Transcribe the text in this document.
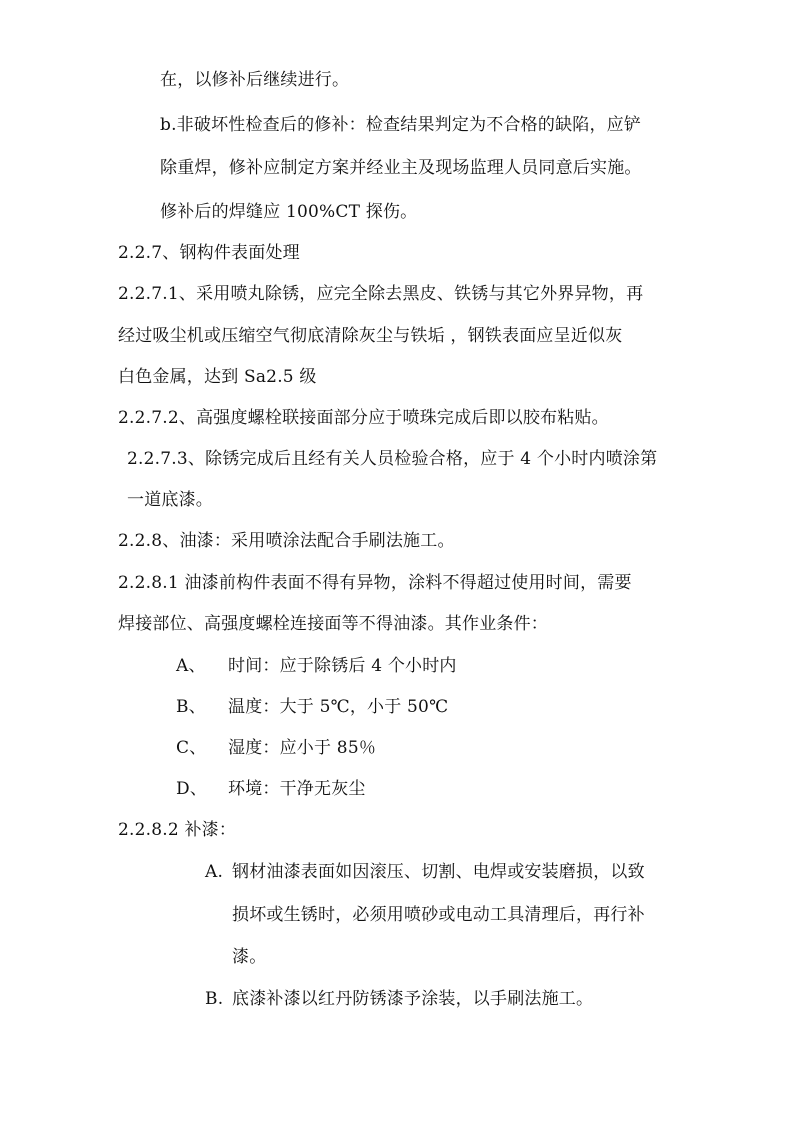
在，以修补后继续进行。
b.非破坏性检查后的修补：检查结果判定为不合格的缺陷，应铲
除重焊，修补应制定方案并经业主及现场监理人员同意后实施。
修补后的焊缝应 100%CT 探伤。
2.2.7、钢构件表面处理
2.2.7.1、采用喷丸除锈，应完全除去黑皮、铁锈与其它外界异物，再
经过吸尘机或压缩空气彻底清除灰尘与铁垢 ，钢铁表面应呈近似灰
白色金属，达到 Sa2.5 级
2.2.7.2、高强度螺栓联接面部分应于喷珠完成后即以胶布粘贴。
2.2.7.3、除锈完成后且经有关人员检验合格，应于 4 个小时内喷涂第
一道底漆。
2.2.8、油漆：采用喷涂法配合手刷法施工。
2.2.8.1 油漆前构件表面不得有异物，涂料不得超过使用时间，需要
焊接部位、高强度螺栓连接面等不得油漆。其作业条件：
A、 时间：应于除锈后 4 个小时内
B、 温度：大于 5℃，小于 50℃
C、 湿度：应小于 85％
D、 环境：干净无灰尘
2.2.8.2 补漆：
A. 钢材油漆表面如因滚压、切割、电焊或安装磨损，以致
损坏或生锈时，必须用喷砂或电动工具清理后，再行补
漆。
B. 底漆补漆以红丹防锈漆予涂装，以手刷法施工。
